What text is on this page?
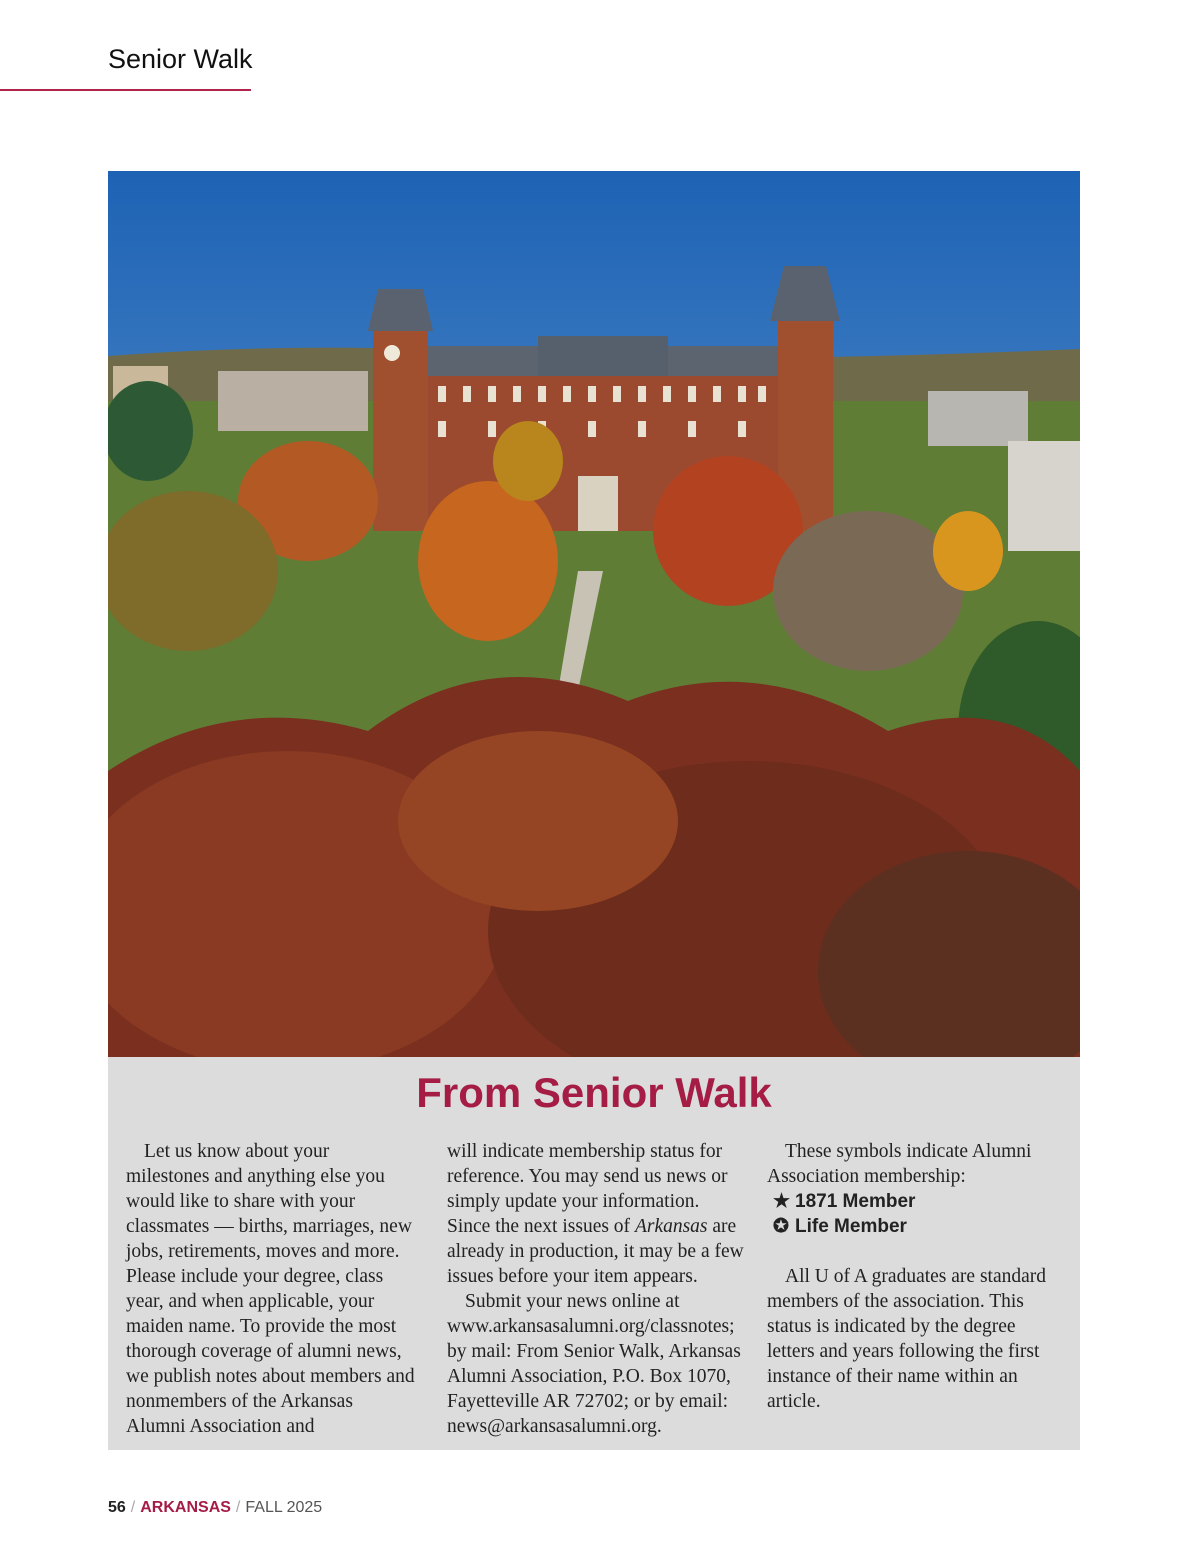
Senior Walk
From Senior Walk

Let us know about your milestones and anything else you would like to share with your classmates — births, marriages, new jobs, retirements, moves and more. Please include your degree, class year, and when applicable, your maiden name. To provide the most thorough coverage of alumni news, we publish notes about members and nonmembers of the Arkansas Alumni Association and

will indicate membership status for reference. You may send us news or simply update your information. Since the next issues of Arkansas are already in production, it may be a few issues before your item appears.

Submit your news online at www.arkansasalumni.org/classnotes; by mail: From Senior Walk, Arkansas Alumni Association, P.O. Box 1070, Fayetteville AR 72702; or by email: news@arkansasalumni.org.

These symbols indicate Alumni Association membership:

★ 1871 Member
✪ Life Member

All U of A graduates are standard members of the association. This status is indicated by the degree letters and years following the first instance of their name within an article.

56 / ARKANSAS / FALL 2025
